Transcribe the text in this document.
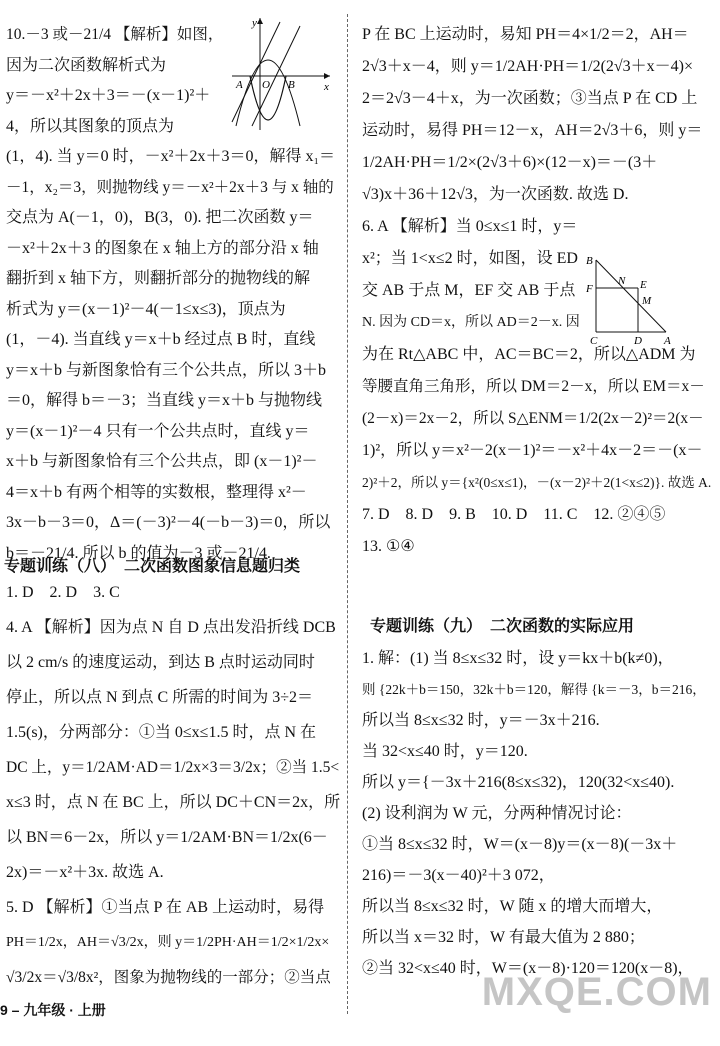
10.－3 或－21/4 【解析】如图，
因为二次函数解析式为
y＝－x²＋2x＋3＝－(x－1)²＋
4，所以其图象的顶点为
(1，4). 当 y＝0 时，－x²＋2x＋3＝0，解得 x₁＝
－1，x₂＝3，则抛物线 y＝－x²＋2x＋3 与 x 轴的
交点为 A(－1，0)，B(3，0). 把二次函数 y＝
－x²＋2x＋3 的图象在 x 轴上方的部分沿 x 轴
翻折到 x 轴下方，则翻折部分的抛物线的解
析式为 y＝(x－1)²－4(－1≤x≤3)，顶点为
(1，－4). 当直线 y＝x＋b 经过点 B 时，直线
y＝x＋b 与新图象恰有三个公共点，所以 3＋b
＝0，解得 b＝－3；当直线 y＝x＋b 与抛物线
y＝(x－1)²－4 只有一个公共点时，直线 y＝
x＋b 与新图象恰有三个公共点，即 (x－1)²－
4＝x＋b 有两个相等的实数根，整理得 x²－
3x－b－3＝0，Δ＝(－3)²－4(－b－3)＝0，所以
b＝－21/4. 所以 b 的值为－3 或－21/4.
专题训练（八）　二次函数图象信息题归类
1. D　2. D　3. C
4. A 【解析】因为点 N 自 D 点出发沿折线 DCB
以 2 cm/s 的速度运动，到达 B 点时运动同时
停止，所以点 N 到点 C 所需的时间为 3÷2＝
1.5(s)，分两部分：①当 0≤x≤1.5 时，点 N 在
DC 上，y＝1/2AM·AD＝1/2x×3＝3/2x；②当 1.5<
x≤3 时，点 N 在 BC 上，所以 DC＋CN＝2x，所
以 BN＝6－2x，所以 y＝1/2AM·BN＝1/2x(6－
2x)＝－x²＋3x. 故选 A.
5. D 【解析】①当点 P 在 AB 上运动时，易得
PH＝1/2x，AH＝√3/2x，则 y＝1/2PH·AH＝1/2×1/2x×
√3/2x＝√3/8x²，图象为抛物线的一部分；②当点
P 在 BC 上运动时，易知 PH＝4×1/2＝2，AH＝
2√3＋x－4，则 y＝1/2AH·PH＝1/2(2√3＋x－4)×
2＝2√3－4＋x，为一次函数；③当点 P 在 CD 上
运动时，易得 PH＝12－x，AH＝2√3＋6，则 y＝
1/2AH·PH＝1/2×(2√3＋6)×(12－x)＝－(3＋
√3)x＋36＋12√3，为一次函数. 故选 D.
6. A 【解析】当 0≤x≤1 时，y＝
x²；当 1<x≤2 时，如图，设 ED
交 AB 于点 M，EF 交 AB 于点
N. 因为 CD＝x，所以 AD＝2－x. 因
为在 Rt△ABC 中，AC＝BC＝2，所以△ADM 为
等腰直角三角形，所以 DM＝2－x，所以 EM＝x－
(2－x)＝2x－2，所以 S△ENM＝1/2(2x－2)²＝2(x－
1)²，所以 y＝x²－2(x－1)²＝－x²＋4x－2＝－(x－
2)²＋2，所以 y＝{x²(0≤x≤1)，－(x－2)²＋2(1<x≤2)}. 故选 A.
7. D　8. D　9. B　10. D　11. C　12. ②④⑤
13. ①④
专题训练（九）　二次函数的实际应用
1. 解：(1) 当 8≤x≤32 时，设 y＝kx＋b(k≠0)，
则 {22k＋b＝150，32k＋b＝120，解得 {k＝－3，b＝216，
所以当 8≤x≤32 时，y＝－3x＋216.
当 32<x≤40 时，y＝120.
所以 y＝{－3x＋216(8≤x≤32)，120(32<x≤40).
(2) 设利润为 W 元，分两种情况讨论：
①当 8≤x≤32 时，W＝(x－8)y＝(x－8)(－3x＋
216)＝－3(x－40)²＋3 072，
所以当 8≤x≤32 时，W 随 x 的增大而增大，
所以当 x＝32 时，W 有最大值为 2 880；
②当 32<x≤40 时，W＝(x－8)·120＝120(x－8)，
y
x
A O B
B
N E
F
M
C	D A
9 – 九年级 · 上册	MXQE.COM
